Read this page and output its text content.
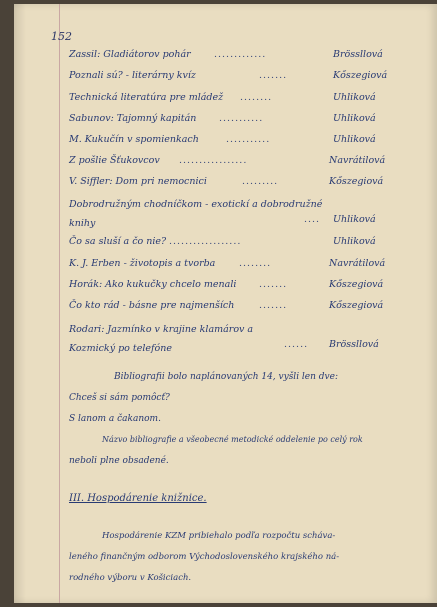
152
Zassil: Gladiátorov pohár .............	Brössllová
Poznali sú? - literárny kvíz	.......	Kőszegiová
Technická literatúra pre mládež ........	Uhliková
Sabunov: Tajomný kapitán ...........	Uhliková
M. Kukučín v spomienkach	...........	Uhliková
Z pošlie Šťukovcov .................	Navrátilová
V. Siffler: Dom pri nemocnici	.........	Kőszegiová
Dobrodružným chodníčkom - exotickí a dobrodružné knihy	.... Uhliková
Čo sa sluší a čo nie? ..................	Uhliková
K. J. Erben - životopis a tvorba ........	Navrátilová
Horák: Ako kukučky chcelo menali .......	Kőszegiová
Čo kto rád - básne pre najmenších	.......	Kőszegiová
Rodari: Jazmínko v krajine klamárov a Kozmický po telefóne	...... Brössllová
Bibliografii bolo naplánovaných 14, vyšli len dve:
Chceš si sám pomôcť?
S lanom a čakanom.
Názvo bibliografie a všeobecné metodické oddelenie po celý rok
neboli plne obsadené.
III. Hospodárenie knižnice.
Hospodárenie KZM pribiehalo podľa rozpočtu scháva-
leného finančným odborom Východoslovenského krajského ná-
rodného výboru v Košiciach.
